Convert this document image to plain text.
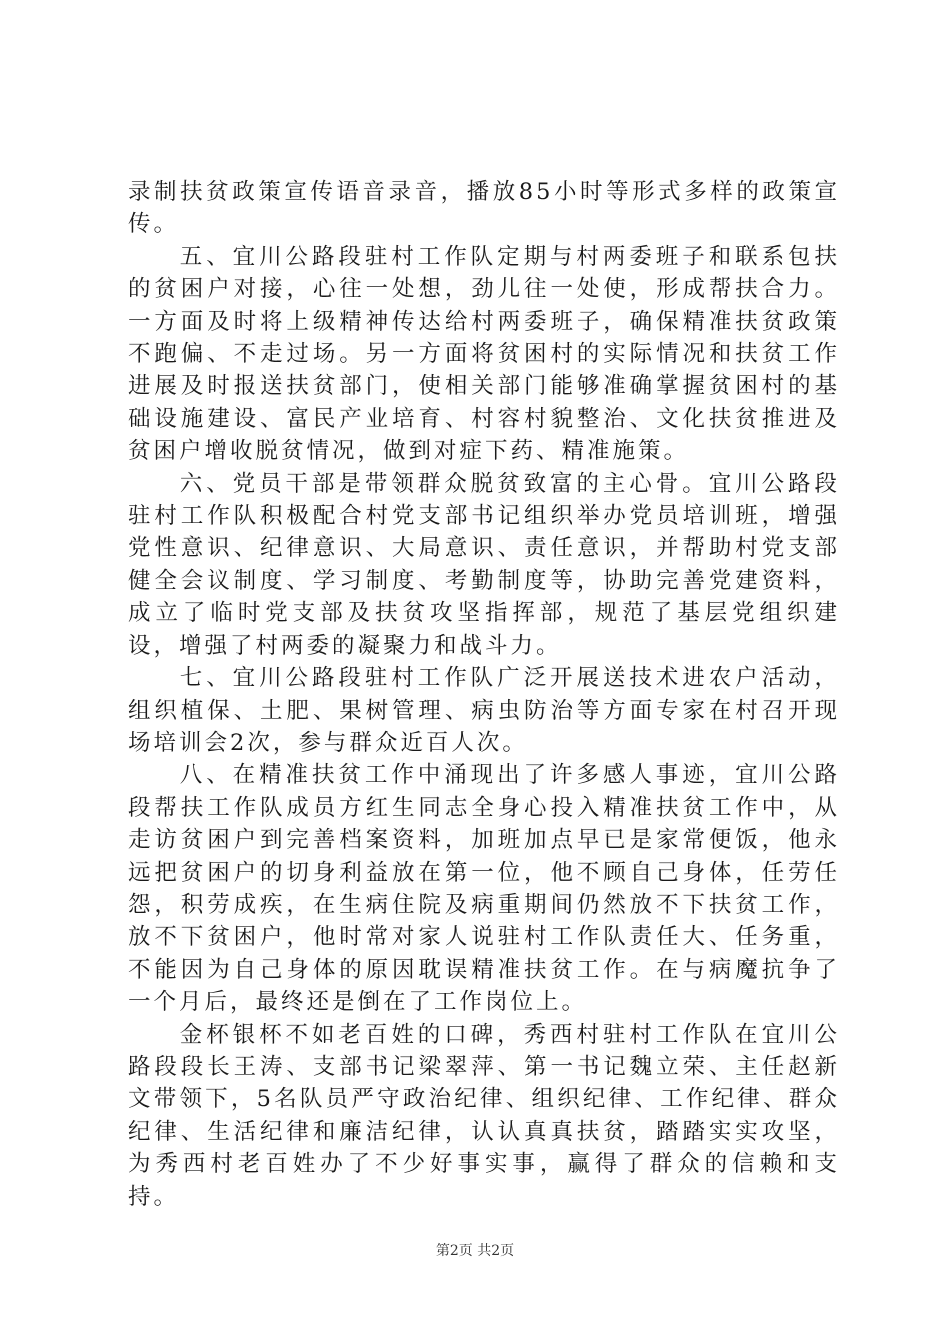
录制扶贫政策宣传语音录音，播放85小时等形式多样的政策宣传。

五、宜川公路段驻村工作队定期与村两委班子和联系包扶的贫困户对接，心往一处想，劲儿往一处使，形成帮扶合力。一方面及时将上级精神传达给村两委班子，确保精准扶贫政策不跑偏、不走过场。另一方面将贫困村的实际情况和扶贫工作进展及时报送扶贫部门，使相关部门能够准确掌握贫困村的基础设施建设、富民产业培育、村容村貌整治、文化扶贫推进及贫困户增收脱贫情况，做到对症下药、精准施策。

六、党员干部是带领群众脱贫致富的主心骨。宜川公路段驻村工作队积极配合村党支部书记组织举办党员培训班，增强党性意识、纪律意识、大局意识、责任意识，并帮助村党支部健全会议制度、学习制度、考勤制度等，协助完善党建资料，成立了临时党支部及扶贫攻坚指挥部，规范了基层党组织建设，增强了村两委的凝聚力和战斗力。

七、宜川公路段驻村工作队广泛开展送技术进农户活动，组织植保、土肥、果树管理、病虫防治等方面专家在村召开现场培训会2次，参与群众近百人次。

八、在精准扶贫工作中涌现出了许多感人事迹，宜川公路段帮扶工作队成员方红生同志全身心投入精准扶贫工作中，从走访贫困户到完善档案资料，加班加点早已是家常便饭，他永远把贫困户的切身利益放在第一位，他不顾自己身体，任劳任怨，积劳成疾，在生病住院及病重期间仍然放不下扶贫工作，放不下贫困户，他时常对家人说驻村工作队责任大、任务重，不能因为自己身体的原因耽误精准扶贫工作。在与病魔抗争了一个月后，最终还是倒在了工作岗位上。

金杯银杯不如老百姓的口碑，秀西村驻村工作队在宜川公路段段长王涛、支部书记梁翠萍、第一书记魏立荣、主任赵新文带领下，5名队员严守政治纪律、组织纪律、工作纪律、群众纪律、生活纪律和廉洁纪律，认认真真扶贫，踏踏实实攻坚，为秀西村老百姓办了不少好事实事，赢得了群众的信赖和支持。

第2页 共2页
